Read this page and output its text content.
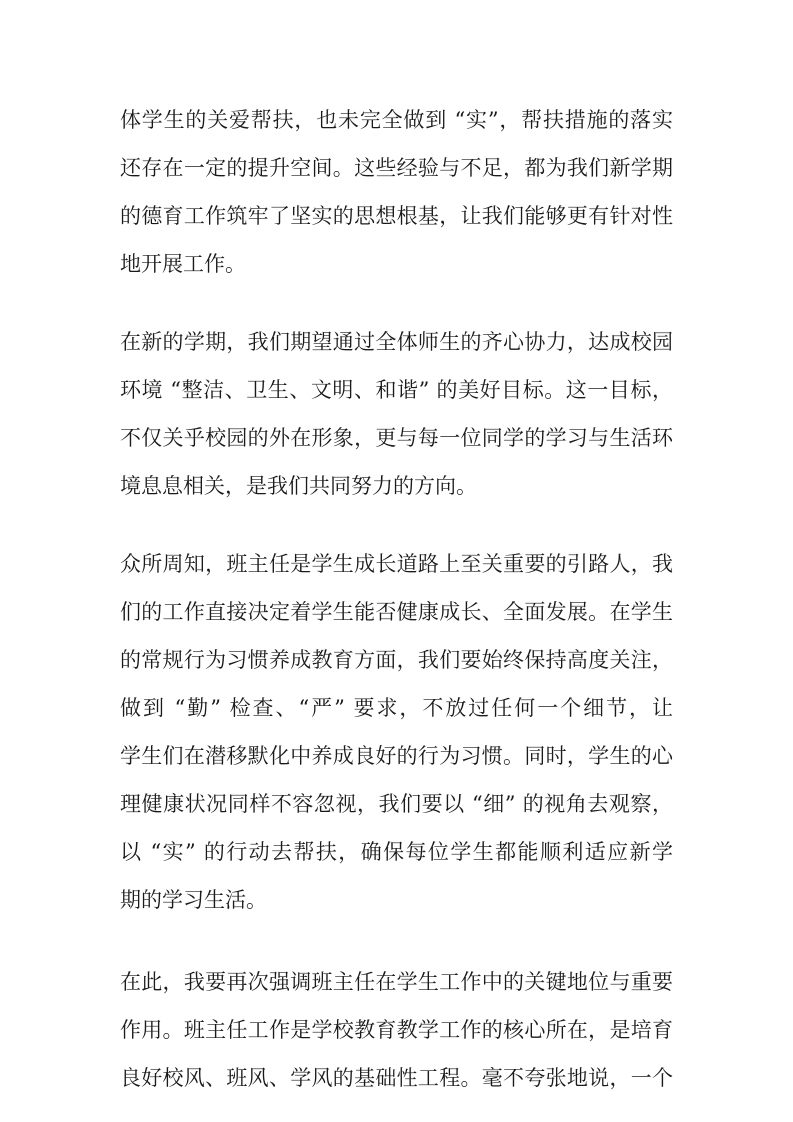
体学生的关爱帮扶，也未完全做到 “实”，帮扶措施的落实
还存在一定的提升空间。这些经验与不足，都为我们新学期
的德育工作筑牢了坚实的思想根基，让我们能够更有针对性
地开展工作。
在新的学期，我们期望通过全体师生的齐心协力，达成校园
环境 “整洁、卫生、文明、和谐” 的美好目标。这一目标，
不仅关乎校园的外在形象，更与每一位同学的学习与生活环
境息息相关，是我们共同努力的方向。
众所周知，班主任是学生成长道路上至关重要的引路人，我
们的工作直接决定着学生能否健康成长、全面发展。在学生
的常规行为习惯养成教育方面，我们要始终保持高度关注，
做到 “勤” 检查、“严” 要求，不放过任何一个细节，让
学生们在潜移默化中养成良好的行为习惯。同时，学生的心
理健康状况同样不容忽视，我们要以 “细” 的视角去观察，
以 “实” 的行动去帮扶，确保每位学生都能顺利适应新学
期的学习生活。
在此，我要再次强调班主任在学生工作中的关键地位与重要
作用。班主任工作是学校教育教学工作的核心所在，是培育
良好校风、班风、学风的基础性工程。毫不夸张地说，一个
